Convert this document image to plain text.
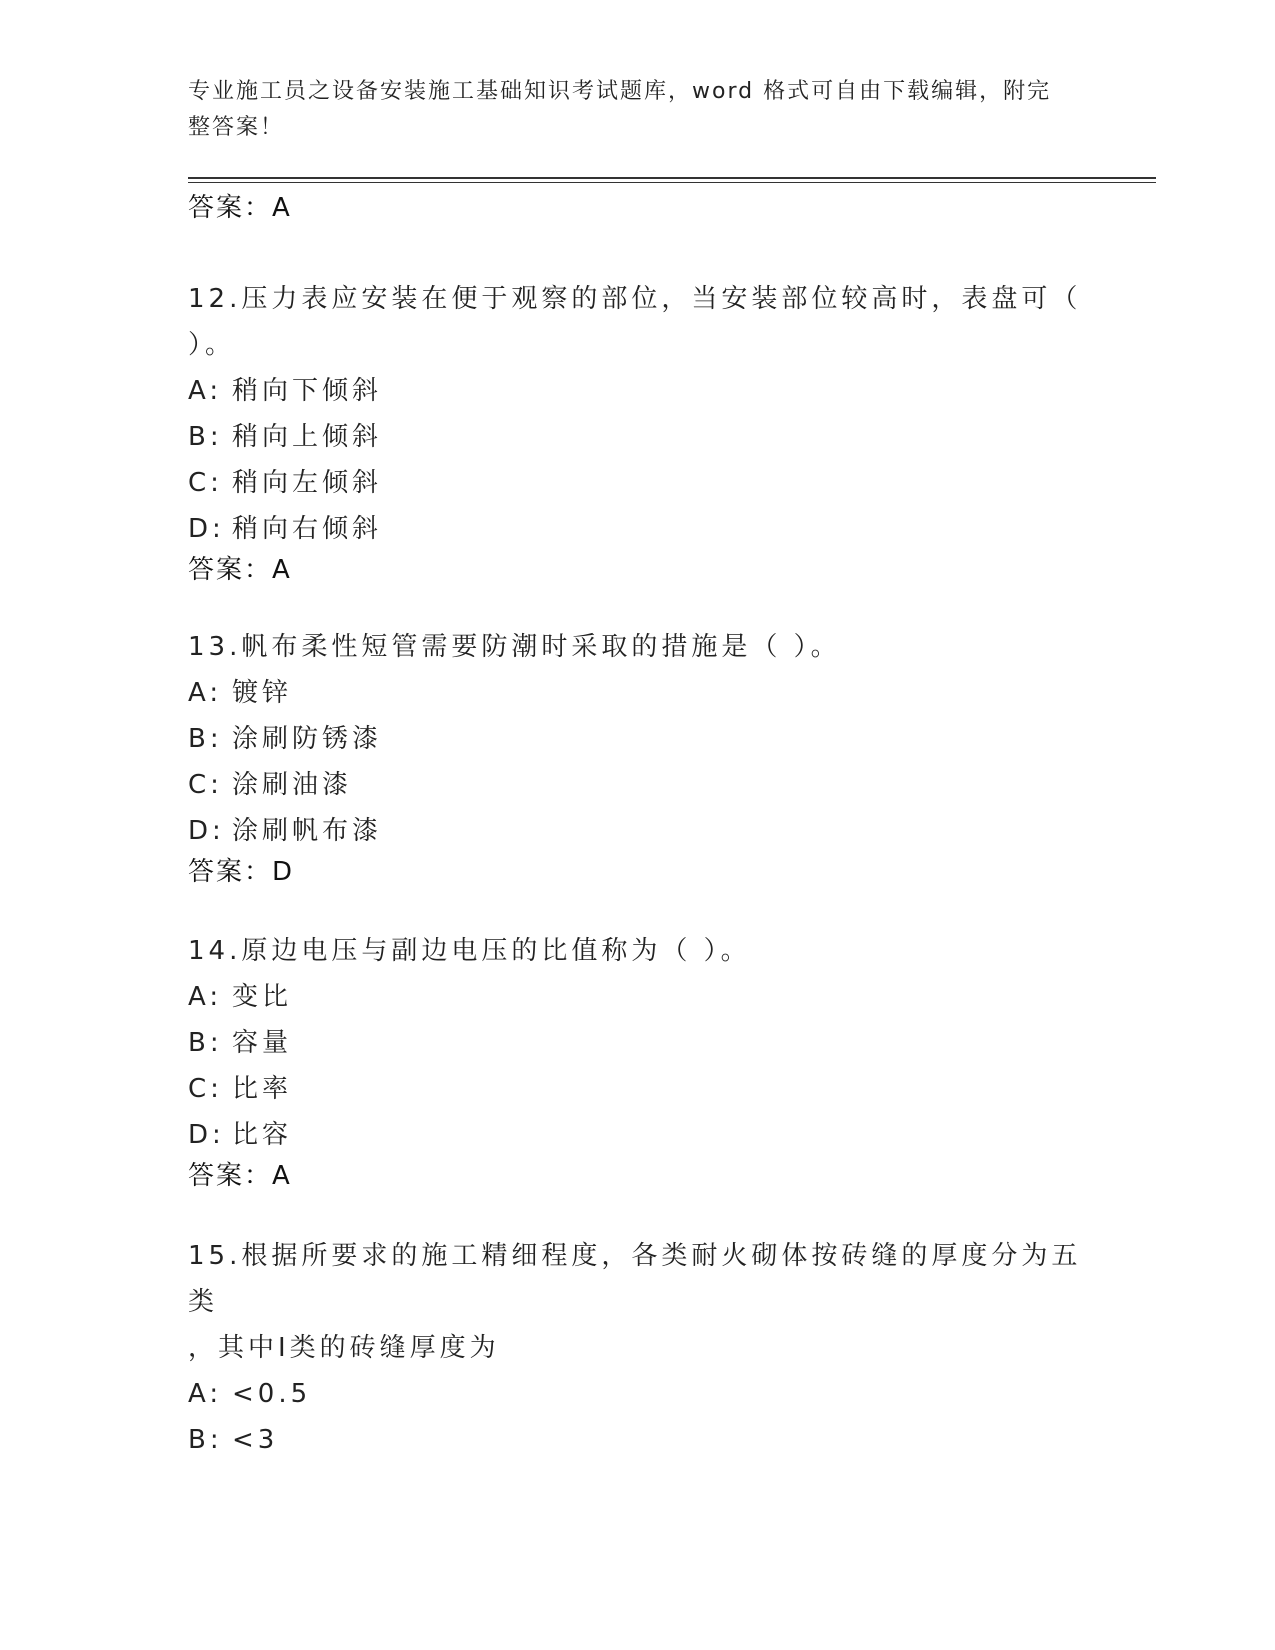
专业施工员之设备安装施工基础知识考试题库，word 格式可自由下载编辑，附完
整答案！
答案：A
12.压力表应安装在便于观察的部位，当安装部位较高时，表盘可（
）。
A: 稍向下倾斜
B: 稍向上倾斜
C: 稍向左倾斜
D: 稍向右倾斜
答案：A
13.帆布柔性短管需要防潮时采取的措施是（ ）。
A: 镀锌
B: 涂刷防锈漆
C: 涂刷油漆
D: 涂刷帆布漆
答案：D
14.原边电压与副边电压的比值称为（ ）。
A: 变比
B: 容量
C: 比率
D: 比容
答案：A
15.根据所要求的施工精细程度，各类耐火砌体按砖缝的厚度分为五类
，其中Ⅰ类的砖缝厚度为
A: <0.5
B: <3
